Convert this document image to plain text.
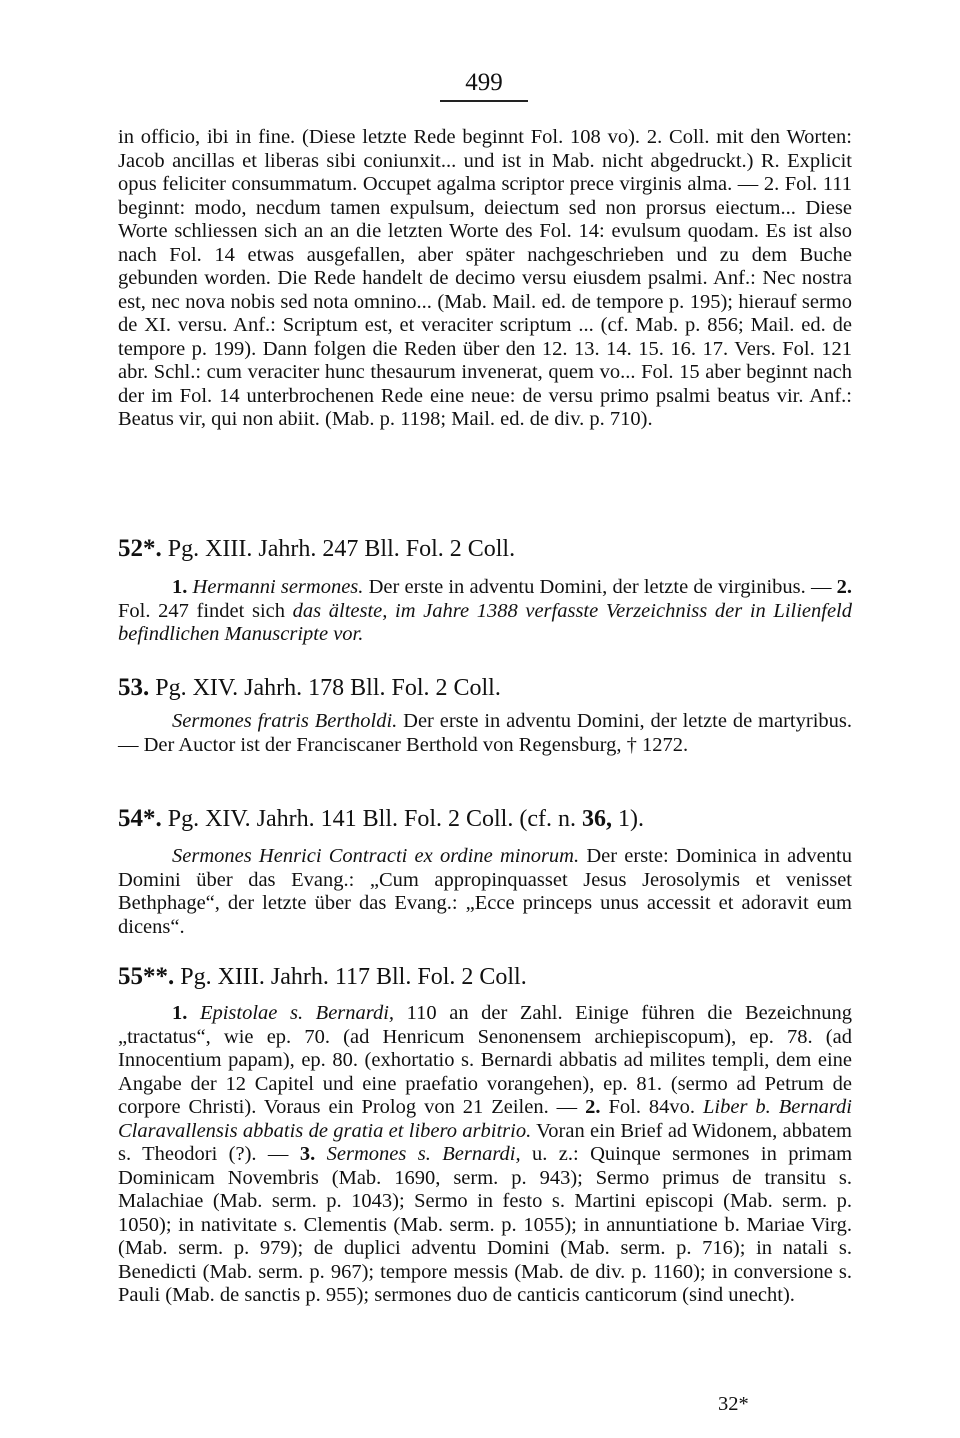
499
in officio, ibi in fine. (Diese letzte Rede beginnt Fol. 108 vo). 2. Coll. mit den Worten: Jacob ancillas et liberas sibi coniunxit... und ist in Mab. nicht abgedruckt.) R. Explicit opus feliciter consummatum. Occupet agalma scriptor prece virginis alma. — 2. Fol. 111 beginnt: modo, necdum tamen expulsum, deiectum sed non prorsus eiectum... Diese Worte schliessen sich an an die letzten Worte des Fol. 14: evulsum quodam. Es ist also nach Fol. 14 etwas ausgefallen, aber später nachgeschrieben und zu dem Buche gebunden worden. Die Rede handelt de decimo versu eiusdem psalmi. Anf.: Nec nostra est, nec nova nobis sed nota omnino... (Mab. Mail. ed. de tempore p. 195); hierauf sermo de XI. versu. Anf.: Scriptum est, et veraciter scriptum ... (cf. Mab. p. 856; Mail. ed. de tempore p. 199). Dann folgen die Reden über den 12. 13. 14. 15. 16. 17. Vers. Fol. 121 abr. Schl.: cum veraciter hunc thesaurum invenerat, quem vo... Fol. 15 aber beginnt nach der im Fol. 14 unterbrochenen Rede eine neue: de versu primo psalmi beatus vir. Anf.: Beatus vir, qui non abiit. (Mab. p. 1198; Mail. ed. de div. p. 710).
52*. Pg. XIII. Jahrh. 247 Bll. Fol. 2 Coll.
1. Hermanni sermones. Der erste in adventu Domini, der letzte de virginibus. — 2. Fol. 247 findet sich das älteste, im Jahre 1388 verfasste Verzeichniss der in Lilienfeld befindlichen Manuscripte vor.
53. Pg. XIV. Jahrh. 178 Bll. Fol. 2 Coll.
Sermones fratris Bertholdi. Der erste in adventu Domini, der letzte de martyribus. — Der Auctor ist der Franciscaner Berthold von Regensburg, † 1272.
54*. Pg. XIV. Jahrh. 141 Bll. Fol. 2 Coll. (cf. n. 36, 1).
Sermones Henrici Contracti ex ordine minorum. Der erste: Dominica in adventu Domini über das Evang.: „Cum appropinquasset Jesus Jerosolymis et venisset Bethphage“, der letzte über das Evang.: „Ecce princeps unus accessit et adoravit eum dicens“.
55**. Pg. XIII. Jahrh. 117 Bll. Fol. 2 Coll.
1. Epistolae s. Bernardi, 110 an der Zahl. Einige führen die Bezeichnung „tractatus“, wie ep. 70. (ad Henricum Senonensem archiepiscopum), ep. 78. (ad Innocentium papam), ep. 80. (exhortatio s. Bernardi abbatis ad milites templi, dem eine Angabe der 12 Capitel und eine praefatio vorangehen), ep. 81. (sermo ad Petrum de corpore Christi). Voraus ein Prolog von 21 Zeilen. — 2. Fol. 84vo. Liber b. Bernardi Claravallensis abbatis de gratia et libero arbitrio. Voran ein Brief ad Widonem, abbatem s. Theodori (?). — 3. Sermones s. Bernardi, u. z.: Quinque sermones in primam Dominicam Novembris (Mab. 1690, serm. p. 943); Sermo primus de transitu s. Malachiae (Mab. serm. p. 1043); Sermo in festo s. Martini episcopi (Mab. serm. p. 1050); in nativitate s. Clementis (Mab. serm. p. 1055); in annuntiatione b. Mariae Virg. (Mab. serm. p. 979); de duplici adventu Domini (Mab. serm. p. 716); in natali s. Benedicti (Mab. serm. p. 967); tempore messis (Mab. de div. p. 1160); in conversione s. Pauli (Mab. de sanctis p. 955); sermones duo de canticis canticorum (sind unecht).
32*
